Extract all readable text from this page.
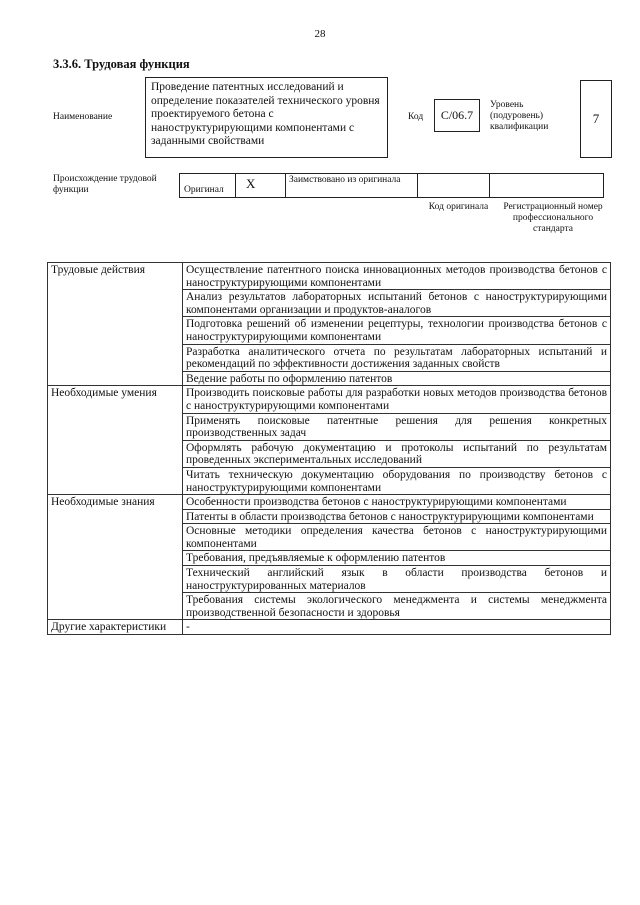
28
3.3.6. Трудовая функция
Наименование
Проведение патентных исследований и определение показателей технического уровня проектируемого бетона с наноструктурирующими компонентами с заданными свойствами
Код	С/06.7
Уровень (подуровень) квалификации
7
Происхождение трудовой функции	Оригинал	X	Заимствовано из оригинала
Код оригинала	Регистрационный номер профессионального стандарта
Трудовые действия	Осуществление патентного поиска инновационных методов производства бетонов с наноструктурирующими компонентами
	Анализ результатов лабораторных испытаний бетонов с наноструктурирующими компонентами организации и продуктов-аналогов
	Подготовка решений об изменении рецептуры, технологии производства бетонов с наноструктурирующими компонентами
	Разработка аналитического отчета по результатам лабораторных испытаний и рекомендаций по эффективности достижения заданных свойств
	Ведение работы по оформлению патентов
Необходимые умения	Производить поисковые работы для разработки новых методов производства бетонов с наноструктурирующими компонентами
	Применять поисковые патентные решения для решения конкретных производственных задач
	Оформлять рабочую документацию и протоколы испытаний по результатам проведенных экспериментальных исследований
	Читать техническую документацию оборудования по производству бетонов с наноструктурирующими компонентами
Необходимые знания	Особенности производства бетонов с наноструктурирующими компонентами
	Патенты в области производства бетонов с наноструктурирующими компонентами
	Основные методики определения качества бетонов с наноструктурирующими компонентами
	Требования, предъявляемые к оформлению патентов
	Технический английский язык в области производства бетонов и наноструктурированных материалов
	Требования системы экологического менеджмента и системы менеджмента производственной безопасности и здоровья
Другие характеристики	-
